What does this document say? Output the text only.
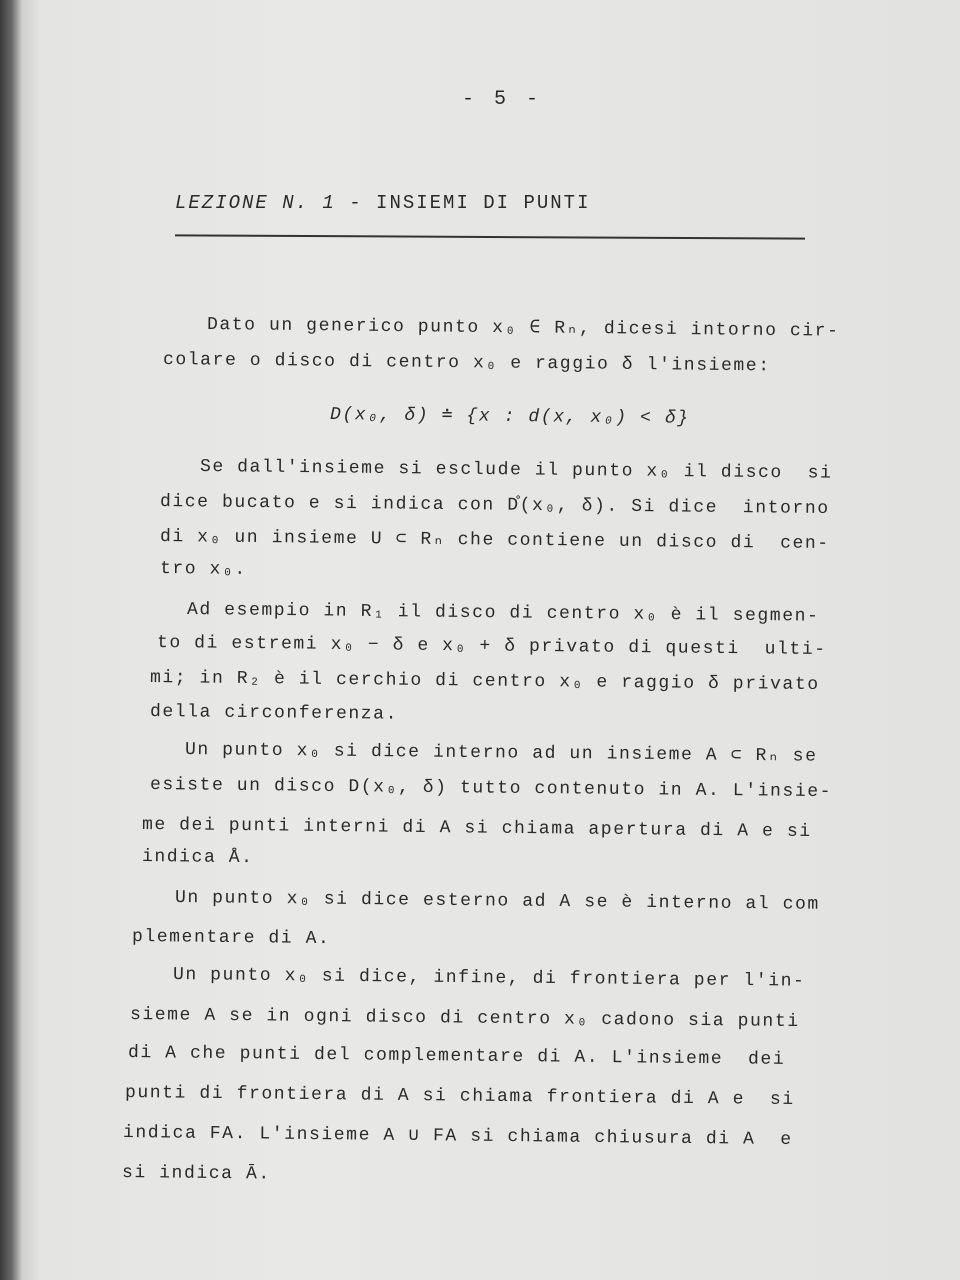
- 5 -
LEZIONE N. 1 - INSIEMI DI PUNTI
Dato un generico punto x₀ ∈ Rₙ, dicesi intorno cir-
colare o disco di centro x₀ e raggio δ l'insieme:
D(x₀, δ) ≐ {x : d(x, x₀) < δ}
Se dall'insieme si esclude il punto x₀ il disco  si
dice bucato e si indica con D̊(x₀, δ). Si dice  intorno
di x₀ un insieme U ⊂ Rₙ che contiene un disco di  cen-
tro x₀.
Ad esempio in R₁ il disco di centro x₀ è il segmen-
to di estremi x₀ − δ e x₀ + δ privato di questi  ulti-
mi; in R₂ è il cerchio di centro x₀ e raggio δ privato
della circonferenza.
Un punto x₀ si dice interno ad un insieme A ⊂ Rₙ se
esiste un disco D(x₀, δ) tutto contenuto in A. L'insie-
me dei punti interni di A si chiama apertura di A e si
indica Å.
Un punto x₀ si dice esterno ad A se è interno al com
plementare di A.
Un punto x₀ si dice, infine, di frontiera per l'in-
sieme A se in ogni disco di centro x₀ cadono sia punti
di A che punti del complementare di A. L'insieme  dei
punti di frontiera di A si chiama frontiera di A e  si
indica FA. L'insieme A ∪ FA si chiama chiusura di A  e
si indica Ā.
